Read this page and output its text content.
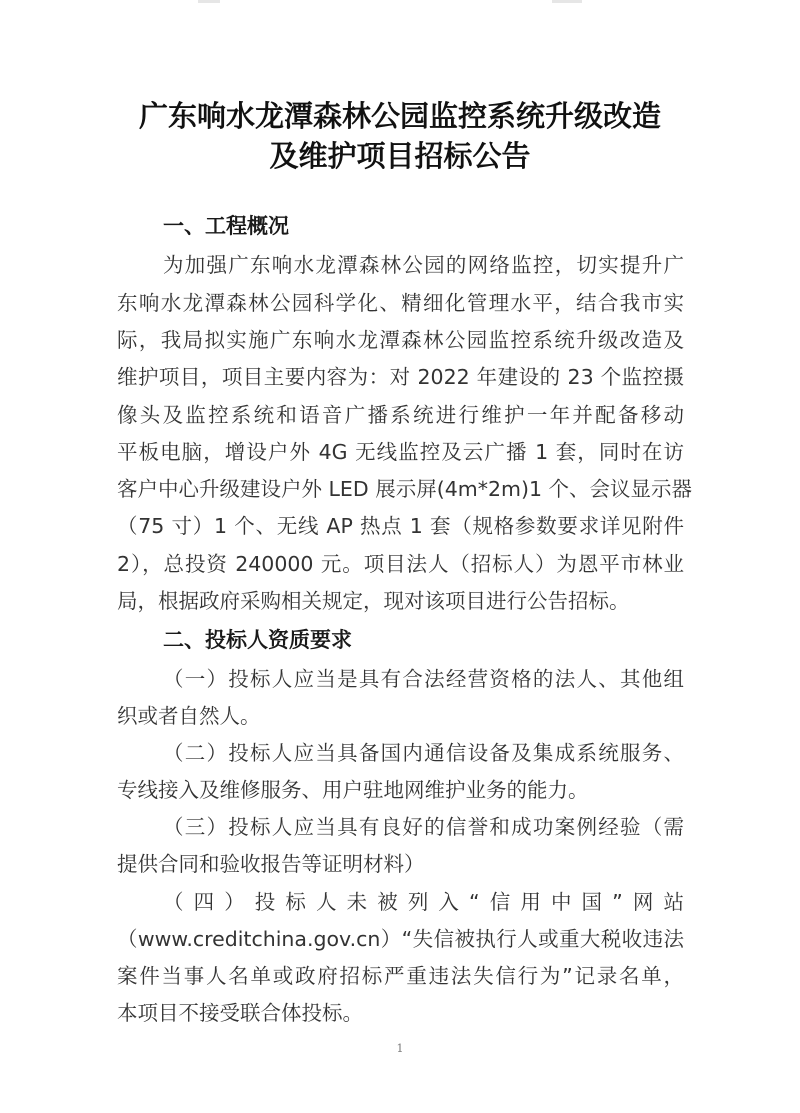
广东响水龙潭森林公园监控系统升级改造
及维护项目招标公告
一、工程概况
为加强广东响水龙潭森林公园的网络监控，切实提升广
东响水龙潭森林公园科学化、精细化管理水平，结合我市实
际，我局拟实施广东响水龙潭森林公园监控系统升级改造及
维护项目，项目主要内容为：对 2022 年建设的 23 个监控摄
像头及监控系统和语音广播系统进行维护一年并配备移动
平板电脑，增设户外 4G 无线监控及云广播 1 套，同时在访
客户中心升级建设户外 LED 展示屏(4m*2m)1 个、会议显示器
（75 寸）1 个、无线 AP 热点 1 套（规格参数要求详见附件
2），总投资 240000 元。项目法人（招标人）为恩平市林业
局，根据政府采购相关规定，现对该项目进行公告招标。
二、投标人资质要求
（一）投标人应当是具有合法经营资格的法人、其他组
织或者自然人。
（二）投标人应当具备国内通信设备及集成系统服务、
专线接入及维修服务、用户驻地网维护业务的能力。
（三）投标人应当具有良好的信誉和成功案例经验（需
提供合同和验收报告等证明材料）
（四）投标人未被列入“信用中国”网站
（www.creditchina.gov.cn）“失信被执行人或重大税收违法
案件当事人名单或政府招标严重违法失信行为”记录名单，
本项目不接受联合体投标。
1
